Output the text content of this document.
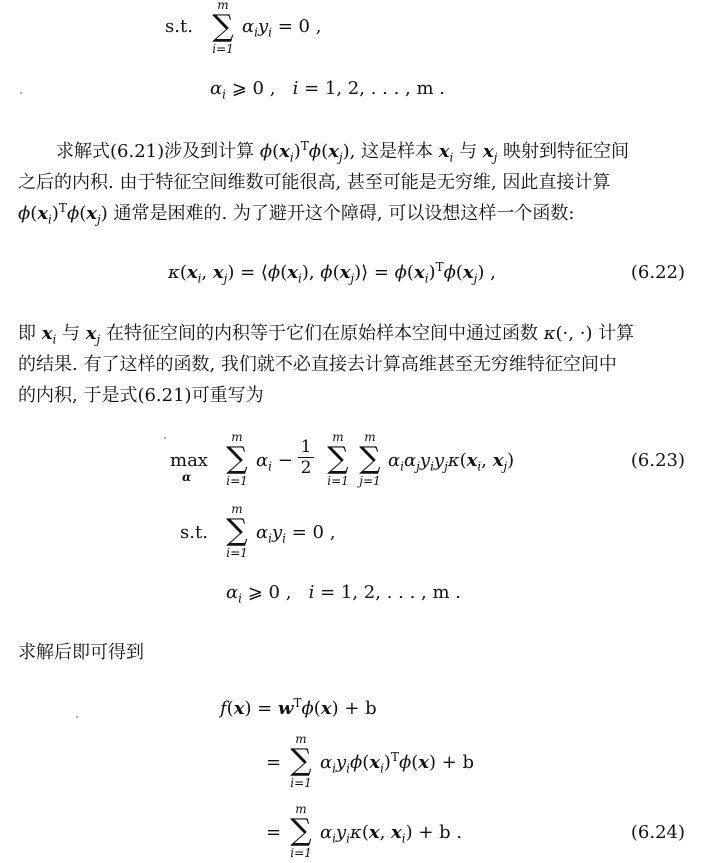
s.t.
m
∑
i=1
$\alpha_iy_i = 0$ ,
$\alpha_i$ ⩾ 0 , i = 1, 2, . . . , m .
求解式(6.21)涉及到计算 $\phi(x_i)^T\phi(x_j)$, 这是样本 $x_i$ 与 $x_j$ 映射到特征空间
之后的内积. 由于特征空间维数可能很高, 甚至可能是无穷维, 因此直接计算
$\phi(x_i)^T\phi(x_j)$ 通常是困难的. 为了避开这个障碍, 可以设想这样一个函数:
$\kappa(x_i$, $x_j$) = $⟨\phi(x_i)$, $\phi(x_j)⟩ = \phi(x_i)^T\phi(x_j)$ ,	(6.22)
即 $x_i$ 与 $x_j$ 在特征空间的内积等于它们在原始样本空间中通过函数 κ(·, ·) 计算
的结果. 有了这样的函数, 我们就不必直接去计算高维甚至无穷维特征空间中
的内积, 于是式(6.21)可重写为
max
α
m
∑
i=1
$\alpha_i$ −
1
2
m
∑
i=1
m
∑
j=1
$\alpha_i\alpha_jy_iy_j\kappa(x_i$, $x_j$)	(6.23)
s.t.
m
∑
i=1
$\alpha_iy_i = 0$ ,
$\alpha_i$ ⩾ 0 , i = 1, 2, . . . , m .
求解后即可得到
$f(x) = w^T\phi(x) + b$
=
m
∑
i=1
$\alpha_iy_i\phi(x_i)^T\phi(x) + b$
=
m
∑
i=1
$\alpha_iy_i\kappa(x$, $x_i) + b$ .	(6.24)
